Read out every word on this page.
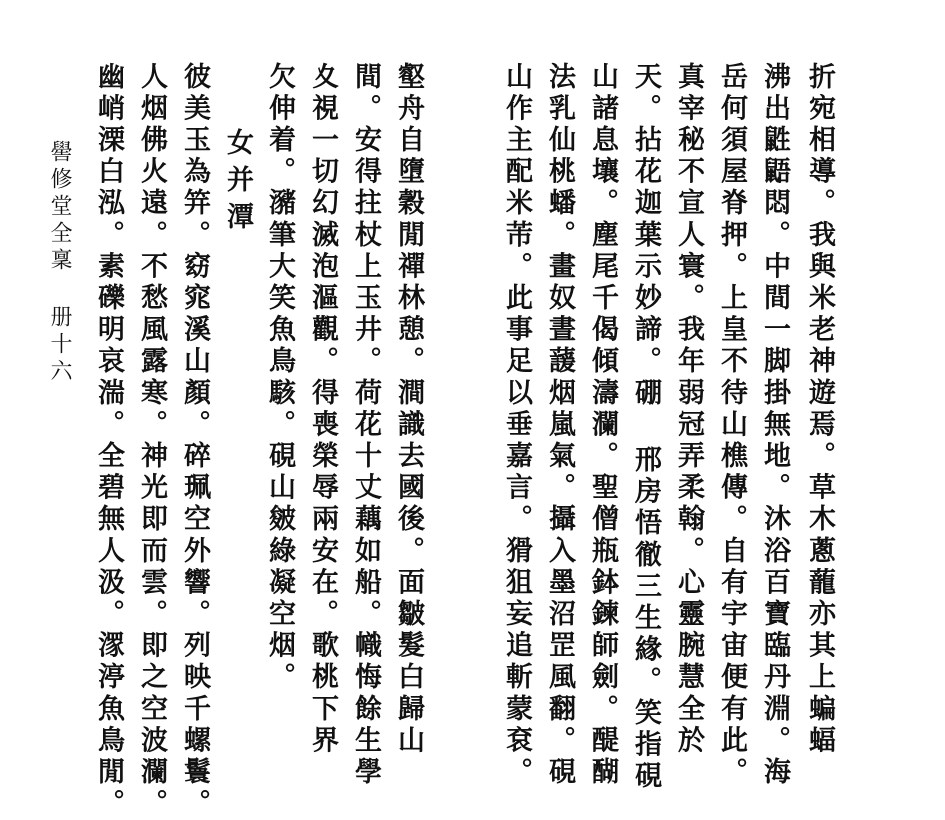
折宛相導。我與米老神遊焉。草木蔥蘢亦其上蝙蝠
沸出鼪鼯悶。中間一脚掛無地。沐浴百寶臨丹淵。海
岳何須屋脊押。上皇不待山樵傳。自有宇宙便有此。
真宰秘不宣人寰。我年弱冠弄柔翰。心靈腕慧全於
天。拈花迦葉示妙諦。硼 邢房悟徹三生緣。笑指硯
山諸息壤。塵尾千偈傾濤瀾。聖僧瓶鉢鍊師劍。醍醐
法乳仙桃蟠。畫奴晝蘐烟嵐氣。攝入墨沼罡風翻。硯
山作主配米芾。此事足以垂嘉言。猾狙妄追斬蒙袞。
壑舟自墮穀閒禪林憩。澗識去國後。面皺髮白歸山
間。安得拄杖上玉井。荷花十丈藕如船。幟悔餘生學
夊視一切幻滅泡漚觀。得喪榮辱兩安在。歌桃下界
欠伸着。瀦筆大笑魚鳥駭。硯山皴綠凝空烟。
女并潭
彼美玉為笄。窈窕溪山顏。碎珮空外響。列映千螺鬟。
人烟佛火遠。不愁風露寒。神光即而雲。即之空波瀾。
幽峭溧白泓。素礫明哀湍。全碧無人汲。潈渟魚鳥閒。
嚳修堂全稟
册十六
